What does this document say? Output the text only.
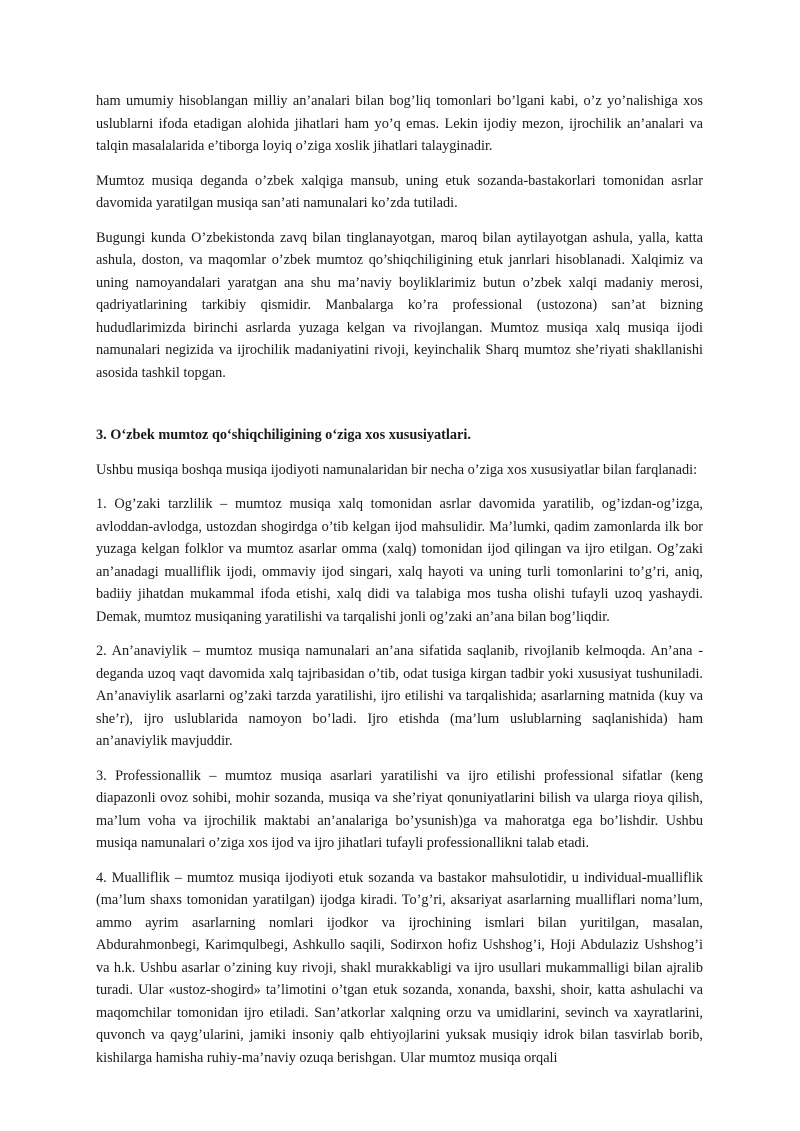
ham umumiy hisoblangan milliy an’analari bilan bog’liq tomonlari bo’lgani kabi, o’z yo’nalishiga xos uslublarni ifoda etadigan alohida jihatlari ham yo’q emas. Lekin ijodiy mezon, ijrochilik an’analari va talqin masalalarida e’tiborga loyiq o’ziga xoslik jihatlari talayginadir.

Mumtoz musiqa deganda o’zbek xalqiga mansub, uning etuk sozanda-bastakorlari tomonidan asrlar davomida yaratilgan musiqa san’ati namunalari ko’zda tutiladi.

Bugungi kunda O’zbekistonda zavq bilan tinglanayotgan, maroq bilan aytilayotgan ashula, yalla, katta ashula, doston, va maqomlar o’zbek mumtoz qo’shiqchiligining etuk janrlari hisoblanadi. Xalqimiz va uning namoyandalari yaratgan ana shu ma’naviy boyliklarimiz butun o’zbek xalqi madaniy merosi, qadriyatlarining tarkibiy qismidir. Manbalarga ko’ra professional (ustozona) san’at bizning hududlarimizda birinchi asrlarda yuzaga kelgan va rivojlangan. Mumtoz musiqa xalq musiqa ijodi namunalari negizida va ijrochilik madaniyatini rivoji, keyinchalik Sharq mumtoz she’riyati shakllanishi asosida tashkil topgan.

3. O‘zbek mumtoz qo‘shiqchiligining o‘ziga xos xususiyatlari.

Ushbu musiqa boshqa musiqa ijodiyoti namunalaridan bir necha o’ziga xos xususiyatlar bilan farqlanadi:

1. Og’zaki tarzlilik – mumtoz musiqa xalq tomonidan asrlar davomida yaratilib, og’izdan-og’izga, avloddan-avlodga, ustozdan shogirdga o’tib kelgan ijod mahsulidir. Ma’lumki, qadim zamonlarda ilk bor yuzaga kelgan folklor va mumtoz asarlar omma (xalq) tomonidan ijod qilingan va ijro etilgan. Og’zaki an’anadagi mualliflik ijodi, ommaviy ijod singari, xalq hayoti va uning turli tomonlarini to’g’ri, aniq, badiiy jihatdan mukammal ifoda etishi, xalq didi va talabiga mos tusha olishi tufayli uzoq yashaydi. Demak, mumtoz musiqaning yaratilishi va tarqalishi jonli og’zaki an’ana bilan bog’liqdir.

2. An’anaviylik – mumtoz musiqa namunalari an’ana sifatida saqlanib, rivojlanib kelmoqda. An’ana - deganda uzoq vaqt davomida xalq tajribasidan o’tib, odat tusiga kirgan tadbir yoki xususiyat tushuniladi. An’anaviylik asarlarni og’zaki tarzda yaratilishi, ijro etilishi va tarqalishida; asarlarning matnida (kuy va she’r), ijro uslublarida namoyon bo’ladi. Ijro etishda (ma’lum uslublarning saqlanishida) ham an’anaviylik mavjuddir.

3. Professionallik – mumtoz musiqa asarlari yaratilishi va ijro etilishi professional sifatlar (keng diapazonli ovoz sohibi, mohir sozanda, musiqa va she’riyat qonuniyatlarini bilish va ularga rioya qilish, ma’lum voha va ijrochilik maktabi an’analariga bo’ysunish)ga va mahoratga ega bo’lishdir. Ushbu musiqa namunalari o’ziga xos ijod va ijro jihatlari tufayli professionallikni talab etadi.

4. Mualliflik – mumtoz musiqa ijodiyoti etuk sozanda va bastakor mahsulotidir, u individual-mualliflik (ma’lum shaxs tomonidan yaratilgan) ijodga kiradi. To’g’ri, aksariyat asarlarning mualliflari noma’lum, ammo ayrim asarlarning nomlari ijodkor va ijrochining ismlari bilan yuritilgan, masalan, Abdurahmonbegi, Karimqulbegi, Ashkullo saqili, Sodirxon hofiz Ushshog’i, Hoji Abdulaziz Ushshog’i va h.k. Ushbu asarlar o’zining kuy rivoji, shakl murakkabligi va ijro usullari mukammalligi bilan ajralib turadi. Ular «ustoz-shogird» ta’limotini o’tgan etuk sozanda, xonanda, baxshi, shoir, katta ashulachi va maqomchilar tomonidan ijro etiladi. San’atkorlar xalqning orzu va umidlarini, sevinch va xayratlarini, quvonch va qayg’ularini, jamiki insoniy qalb ehtiyojlarini yuksak musiqiy idrok bilan tasvirlab borib, kishilarga hamisha ruhiy-ma’naviy ozuqa berishgan. Ular mumtoz musiqa orqali
